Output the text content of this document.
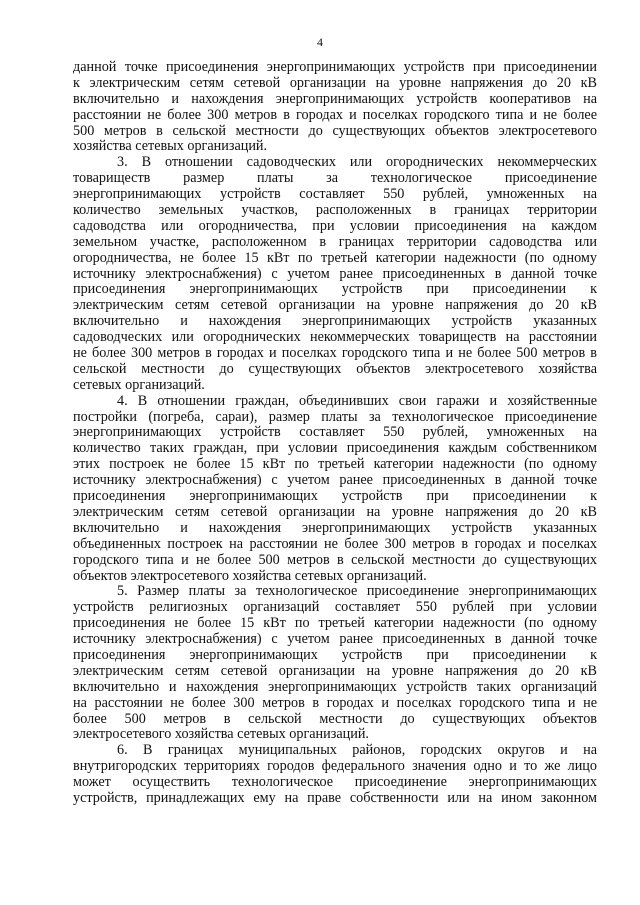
4
данной точке присоединения энергопринимающих устройств при присоединении
к электрическим сетям сетевой организации на уровне напряжения до 20 кВ
включительно и нахождения энергопринимающих устройств кооперативов на
расстоянии не более 300 метров в городах и поселках городского типа и не более
500 метров в сельской местности до существующих объектов электросетевого
хозяйства сетевых организаций.
3. В отношении садоводческих или огороднических некоммерческих
товариществ размер платы за технологическое присоединение
энергопринимающих устройств составляет 550 рублей, умноженных на
количество земельных участков, расположенных в границах территории
садоводства или огородничества, при условии присоединения на каждом
земельном участке, расположенном в границах территории садоводства или
огородничества, не более 15 кВт по третьей категории надежности (по одному
источнику электроснабжения) с учетом ранее присоединенных в данной точке
присоединения энергопринимающих устройств при присоединении к
электрическим сетям сетевой организации на уровне напряжения до 20 кВ
включительно и нахождения энергопринимающих устройств указанных
садоводческих или огороднических некоммерческих товариществ на расстоянии
не более 300 метров в городах и поселках городского типа и не более 500 метров в
сельской местности до существующих объектов электросетевого хозяйства
сетевых организаций.
4. В отношении граждан, объединивших свои гаражи и хозяйственные
постройки (погреба, сараи), размер платы за технологическое присоединение
энергопринимающих устройств составляет 550 рублей, умноженных на
количество таких граждан, при условии присоединения каждым собственником
этих построек не более 15 кВт по третьей категории надежности (по одному
источнику электроснабжения) с учетом ранее присоединенных в данной точке
присоединения энергопринимающих устройств при присоединении к
электрическим сетям сетевой организации на уровне напряжения до 20 кВ
включительно и нахождения энергопринимающих устройств указанных
объединенных построек на расстоянии не более 300 метров в городах и поселках
городского типа и не более 500 метров в сельской местности до существующих
объектов электросетевого хозяйства сетевых организаций.
5. Размер платы за технологическое присоединение энергопринимающих
устройств религиозных организаций составляет 550 рублей при условии
присоединения не более 15 кВт по третьей категории надежности (по одному
источнику электроснабжения) с учетом ранее присоединенных в данной точке
присоединения энергопринимающих устройств при присоединении к
электрическим сетям сетевой организации на уровне напряжения до 20 кВ
включительно и нахождения энергопринимающих устройств таких организаций
на расстоянии не более 300 метров в городах и поселках городского типа и не
более 500 метров в сельской местности до существующих объектов
электросетевого хозяйства сетевых организаций.
6. В границах муниципальных районов, городских округов и на
внутригородских территориях городов федерального значения одно и то же лицо
может осуществить технологическое присоединение энергопринимающих
устройств, принадлежащих ему на праве собственности или на ином законном
